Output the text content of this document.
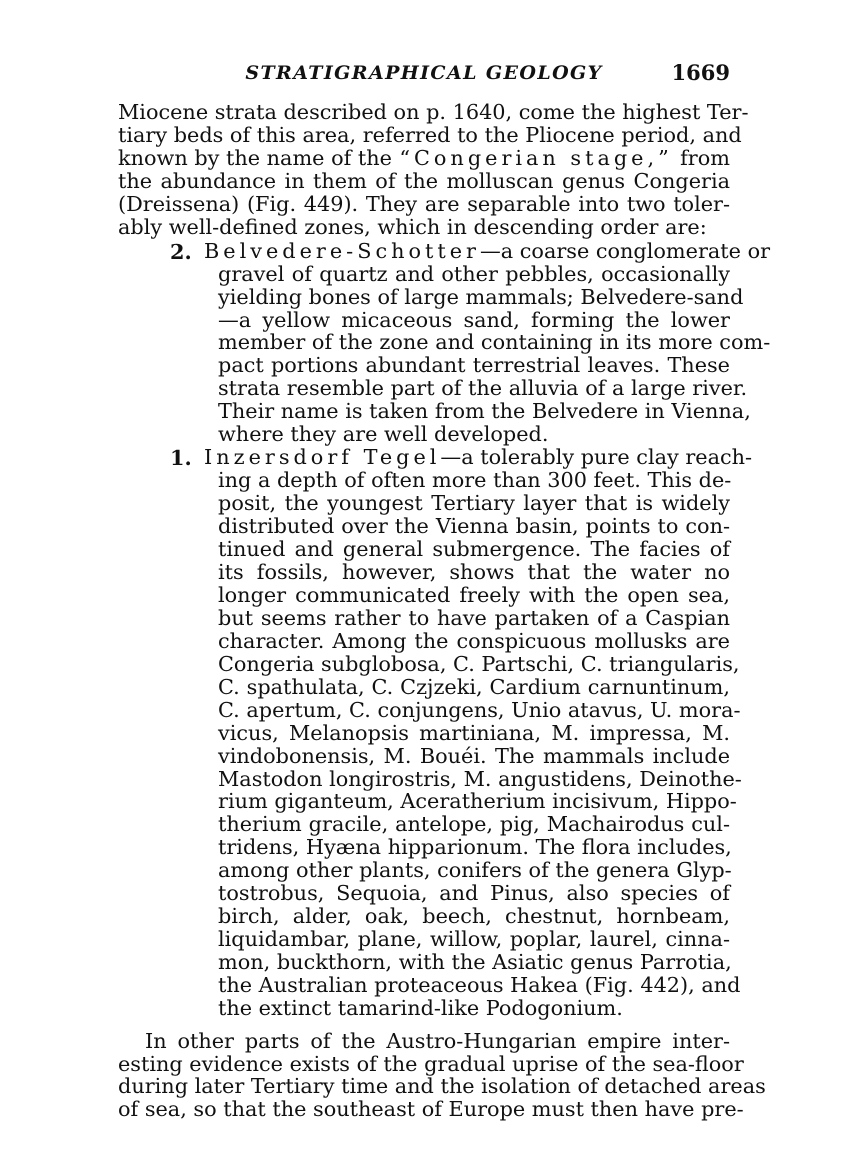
STRATIGRAPHICAL GEOLOGY	1669
Miocene strata described on p. 1640, come the highest Ter-
tiary beds of this area, referred to the Pliocene period, and
known by the name of the “Congerian stage,” from
the abundance in them of the molluscan genus Congeria
(Dreissena) (Fig. 449). They are separable into two toler-
ably well-defined zones, which in descending order are:
2. Belvedere-Schotter —a coarse conglomerate or
gravel of quartz and other pebbles, occasionally
yielding bones of large mammals; Belvedere-sand
—a yellow micaceous sand, forming the lower
member of the zone and containing in its more com-
pact portions abundant terrestrial leaves. These
strata resemble part of the alluvia of a large river.
Their name is taken from the Belvedere in Vienna,
where they are well developed.
1. Inzersdorf Tegel —a tolerably pure clay reach-
ing a depth of often more than 300 feet. This de-
posit, the youngest Tertiary layer that is widely
distributed over the Vienna basin, points to con-
tinued and general submergence. The facies of
its fossils, however, shows that the water no
longer communicated freely with the open sea,
but seems rather to have partaken of a Caspian
character. Among the conspicuous mollusks are
Congeria subglobosa, C. Partschi, C. triangularis,
C. spathulata, C. Czjzeki, Cardium carnuntinum,
C. apertum, C. conjungens, Unio atavus, U. mora-
vicus, Melanopsis martiniana, M. impressa, M.
vindobonensis, M. Bouéi. The mammals include
Mastodon longirostris, M. angustidens, Deinothe-
rium giganteum, Aceratherium incisivum, Hippo-
therium gracile, antelope, pig, Machairodus cul-
tridens, Hyæna hipparionum. The flora includes,
among other plants, conifers of the genera Glyp-
tostrobus, Sequoia, and Pinus, also species of
birch, alder, oak, beech, chestnut, hornbeam,
liquidambar, plane, willow, poplar, laurel, cinna-
mon, buckthorn, with the Asiatic genus Parrotia,
the Australian proteaceous Hakea (Fig. 442), and
the extinct tamarind-like Podogonium.
In other parts of the Austro-Hungarian empire inter-
esting evidence exists of the gradual uprise of the sea-floor
during later Tertiary time and the isolation of detached areas
of sea, so that the southeast of Europe must then have pre-
